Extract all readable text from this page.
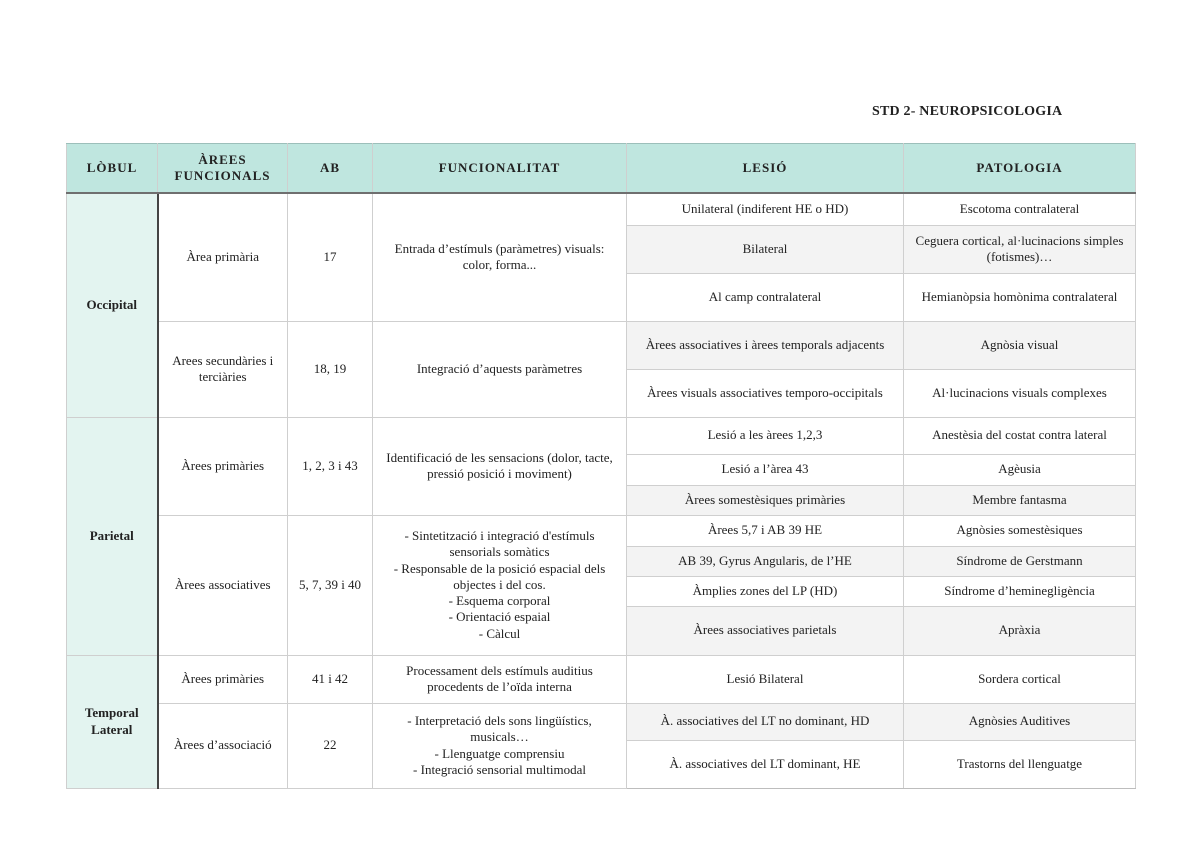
STD 2- NEUROPSICOLOGIA
LÒBUL	ÀREES FUNCIONALS	AB	FUNCIONALITAT	LESIÓ	PATOLOGIA
Occipital	Àrea primària	17	Entrada d’estímuls (paràmetres) visuals: color, forma...	Unilateral (indiferent HE o HD)	Escotoma contralateral
				Bilateral	Ceguera cortical, al·lucinacions simples (fotismes)…
				Al camp contralateral	Hemianòpsia homònima contralateral
	Arees secundàries i terciàries	18, 19	Integració d’aquests paràmetres	Àrees associatives i àrees temporals adjacents	Agnòsia visual
				Àrees visuals associatives temporo-occipitals	Al·lucinacions visuals complexes
Parietal	Àrees primàries	1, 2, 3 i 43	Identificació de les sensacions (dolor, tacte, pressió posició i moviment)	Lesió a les àrees 1,2,3	Anestèsia del costat contra lateral
				Lesió a l’àrea 43	Agèusia
				Àrees somestèsiques primàries	Membre fantasma
	Àrees associatives	5, 7, 39 i 40	- Sintetització i integració d'estímuls sensorials somàtics
- Responsable de la posició espacial dels objectes i del cos.
- Esquema corporal
- Orientació espaial
- Càlcul	Àrees 5,7 i AB 39 HE	Agnòsies somestèsiques
				AB 39, Gyrus Angularis, de l’HE	Síndrome de Gerstmann
				Àmplies zones del LP (HD)	Síndrome d’heminegligència
				Àrees associatives parietals	Apràxia
Temporal Lateral	Àrees primàries	41 i 42	Processament dels estímuls auditius procedents de l’oïda interna	Lesió Bilateral	Sordera cortical
	Àrees d’associació	22	- Interpretació dels sons lingüístics, musicals…
- Llenguatge comprensiu
- Integració sensorial multimodal	À. associatives del LT no dominant, HD	Agnòsies Auditives
				À. associatives del LT dominant, HE	Trastorns del llenguatge
